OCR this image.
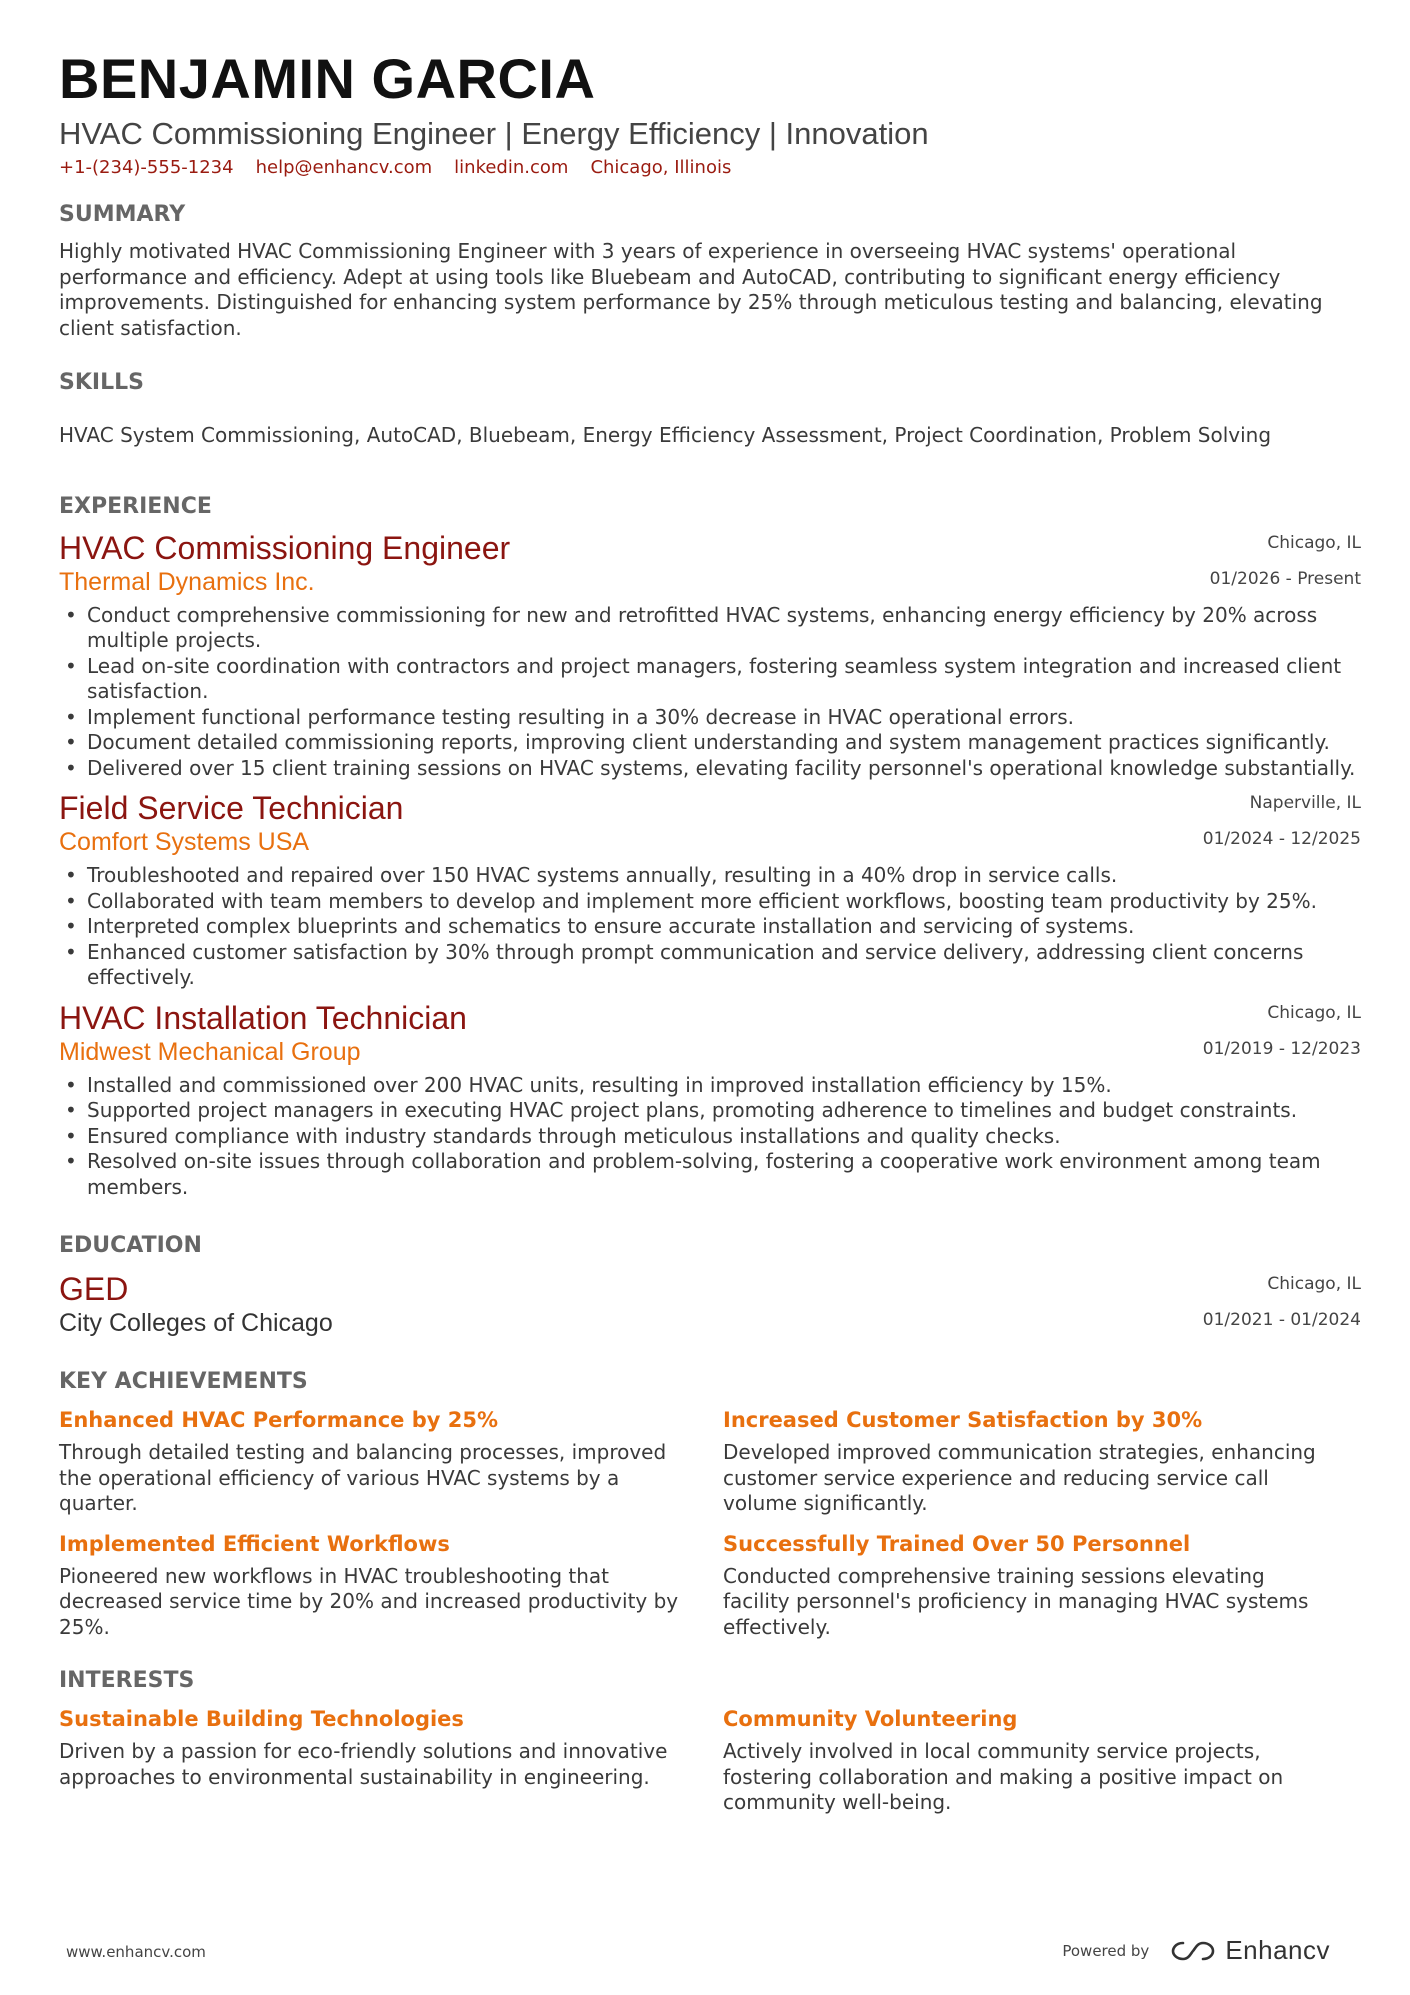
BENJAMIN GARCIA
HVAC Commissioning Engineer | Energy Efficiency | Innovation
+1-(234)-555-1234 help@enhancv.com linkedin.com Chicago, Illinois
SUMMARY
Highly motivated HVAC Commissioning Engineer with 3 years of experience in overseeing HVAC systems' operational performance and efficiency. Adept at using tools like Bluebeam and AutoCAD, contributing to significant energy efficiency improvements. Distinguished for enhancing system performance by 25% through meticulous testing and balancing, elevating client satisfaction.
SKILLS
HVAC System Commissioning, AutoCAD, Bluebeam, Energy Efficiency Assessment, Project Coordination, Problem Solving
EXPERIENCE
HVAC Commissioning Engineer
Thermal Dynamics Inc.
Chicago, IL
01/2026 - Present
• Conduct comprehensive commissioning for new and retrofitted HVAC systems, enhancing energy efficiency by 20% across multiple projects.
• Lead on-site coordination with contractors and project managers, fostering seamless system integration and increased client satisfaction.
• Implement functional performance testing resulting in a 30% decrease in HVAC operational errors.
• Document detailed commissioning reports, improving client understanding and system management practices significantly.
• Delivered over 15 client training sessions on HVAC systems, elevating facility personnel's operational knowledge substantially.
Field Service Technician
Comfort Systems USA
Naperville, IL
01/2024 - 12/2025
• Troubleshooted and repaired over 150 HVAC systems annually, resulting in a 40% drop in service calls.
• Collaborated with team members to develop and implement more efficient workflows, boosting team productivity by 25%.
• Interpreted complex blueprints and schematics to ensure accurate installation and servicing of systems.
• Enhanced customer satisfaction by 30% through prompt communication and service delivery, addressing client concerns effectively.
HVAC Installation Technician
Midwest Mechanical Group
Chicago, IL
01/2019 - 12/2023
• Installed and commissioned over 200 HVAC units, resulting in improved installation efficiency by 15%.
• Supported project managers in executing HVAC project plans, promoting adherence to timelines and budget constraints.
• Ensured compliance with industry standards through meticulous installations and quality checks.
• Resolved on-site issues through collaboration and problem-solving, fostering a cooperative work environment among team members.
EDUCATION
GED
City Colleges of Chicago
Chicago, IL
01/2021 - 01/2024
KEY ACHIEVEMENTS
Enhanced HVAC Performance by 25%
Through detailed testing and balancing processes, improved the operational efficiency of various HVAC systems by a quarter.
Increased Customer Satisfaction by 30%
Developed improved communication strategies, enhancing customer service experience and reducing service call volume significantly.
Implemented Efficient Workflows
Pioneered new workflows in HVAC troubleshooting that decreased service time by 20% and increased productivity by 25%.
Successfully Trained Over 50 Personnel
Conducted comprehensive training sessions elevating facility personnel's proficiency in managing HVAC systems effectively.
INTERESTS
Sustainable Building Technologies
Driven by a passion for eco-friendly solutions and innovative approaches to environmental sustainability in engineering.
Community Volunteering
Actively involved in local community service projects, fostering collaboration and making a positive impact on community well-being.
www.enhancv.com	Powered by	Enhancv
